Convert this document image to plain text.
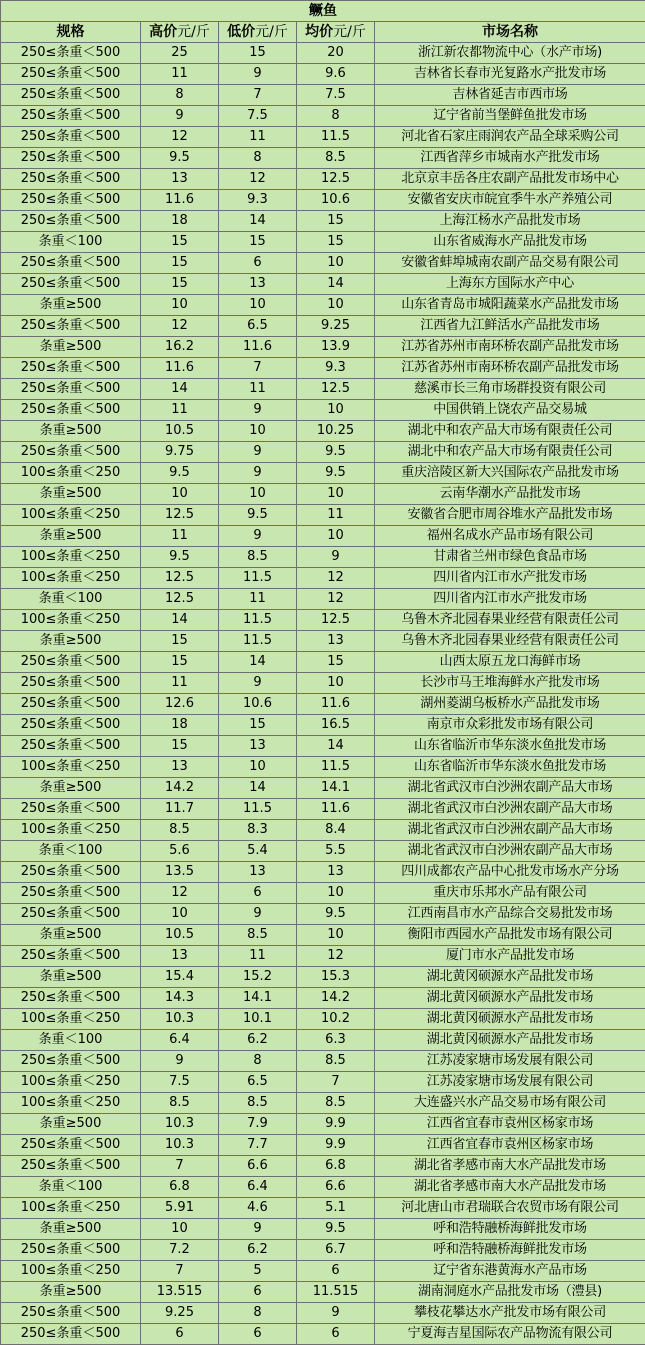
鳜鱼				
规格	高价元/斤	低价元/斤	均价元/斤	市场名称
250≤条重＜500	25	15	20	浙江新农都物流中心（水产市场)
250≤条重＜500	11	9	9.6	吉林省长春市光复路水产批发市场
250≤条重＜500	8	7	7.5	吉林省延吉市西市场
250≤条重＜500	9	7.5	8	辽宁省前当堡鲜鱼批发市场
250≤条重＜500	12	11	11.5	河北省石家庄雨润农产品全球采购公司
250≤条重＜500	9.5	8	8.5	江西省萍乡市城南水产批发市场
250≤条重＜500	13	12	12.5	北京京丰岳各庄农副产品批发市场中心
250≤条重＜500	11.6	9.3	10.6	安徽省安庆市皖宜季牛水产养殖公司
250≤条重＜500	18	14	15	上海江杨水产品批发市场
条重＜100	15	15	15	山东省威海水产品批发市场
250≤条重＜500	15	6	10	安徽省蚌埠城南农副产品交易有限公司
250≤条重＜500	15	13	14	上海东方国际水产中心
条重≥500	10	10	10	山东省青岛市城阳蔬菜水产品批发市场
250≤条重＜500	12	6.5	9.25	江西省九江鲜活水产品批发市场
条重≥500	16.2	11.6	13.9	江苏省苏州市南环桥农副产品批发市场
250≤条重＜500	11.6	7	9.3	江苏省苏州市南环桥农副产品批发市场
250≤条重＜500	14	11	12.5	慈溪市长三角市场群投资有限公司
250≤条重＜500	11	9	10	中国供销上饶农产品交易城
条重≥500	10.5	10	10.25	湖北中和农产品大市场有限责任公司
250≤条重＜500	9.75	9	9.5	湖北中和农产品大市场有限责任公司
100≤条重＜250	9.5	9	9.5	重庆涪陵区新大兴国际农产品批发市场
条重≥500	10	10	10	云南华潮水产品批发市场
100≤条重＜250	12.5	9.5	11	安徽省合肥市周谷堆水产品批发市场
条重≥500	11	9	10	福州名成水产品市场有限公司
100≤条重＜250	9.5	8.5	9	甘肃省兰州市绿色食品市场
100≤条重＜250	12.5	11.5	12	四川省内江市水产批发市场
条重＜100	12.5	11	12	四川省内江市水产批发市场
100≤条重＜250	14	11.5	12.5	乌鲁木齐北园春果业经营有限责任公司
条重≥500	15	11.5	13	乌鲁木齐北园春果业经营有限责任公司
250≤条重＜500	15	14	15	山西太原五龙口海鲜市场
250≤条重＜500	11	9	10	长沙市马王堆海鲜水产批发市场
250≤条重＜500	12.6	10.6	11.6	湖州菱湖乌板桥水产品批发市场
250≤条重＜500	18	15	16.5	南京市众彩批发市场有限公司
250≤条重＜500	15	13	14	山东省临沂市华东淡水鱼批发市场
100≤条重＜250	13	10	11.5	山东省临沂市华东淡水鱼批发市场
条重≥500	14.2	14	14.1	湖北省武汉市白沙洲农副产品大市场
250≤条重＜500	11.7	11.5	11.6	湖北省武汉市白沙洲农副产品大市场
100≤条重＜250	8.5	8.3	8.4	湖北省武汉市白沙洲农副产品大市场
条重＜100	5.6	5.4	5.5	湖北省武汉市白沙洲农副产品大市场
250≤条重＜500	13.5	13	13	四川成都农产品中心批发市场水产分场
250≤条重＜500	12	6	10	重庆市乐邦水产品有限公司
250≤条重＜500	10	9	9.5	江西南昌市水产品综合交易批发市场
条重≥500	10.5	8.5	10	衡阳市西园水产品批发市场有限公司
250≤条重＜500	13	11	12	厦门市水产品批发市场
条重≥500	15.4	15.2	15.3	湖北黄冈硕源水产品批发市场
250≤条重＜500	14.3	14.1	14.2	湖北黄冈硕源水产品批发市场
100≤条重＜250	10.3	10.1	10.2	湖北黄冈硕源水产品批发市场
条重＜100	6.4	6.2	6.3	湖北黄冈硕源水产品批发市场
250≤条重＜500	9	8	8.5	江苏凌家塘市场发展有限公司
100≤条重＜250	7.5	6.5	7	江苏凌家塘市场发展有限公司
100≤条重＜250	8.5	8.5	8.5	大连盛兴水产品交易市场有限公司
条重≥500	10.3	7.9	9.9	江西省宜春市袁州区杨家市场
250≤条重＜500	10.3	7.7	9.9	江西省宜春市袁州区杨家市场
250≤条重＜500	7	6.6	6.8	湖北省孝感市南大水产品批发市场
条重＜100	6.8	6.4	6.6	湖北省孝感市南大水产品批发市场
100≤条重＜250	5.91	4.6	5.1	河北唐山市君瑞联合农贸市场有限公司
条重≥500	10	9	9.5	呼和浩特融桥海鲜批发市场
250≤条重＜500	7.2	6.2	6.7	呼和浩特融桥海鲜批发市场
100≤条重＜250	7	5	6	辽宁省东港黄海水产品市场
条重≥500	13.515	6	11.515	湖南洞庭水产品批发市场（澧县)
250≤条重＜500	9.25	8	9	攀枝花攀达水产批发市场有限公司
250≤条重＜500	6	6	6	宁夏海吉星国际农产品物流有限公司
